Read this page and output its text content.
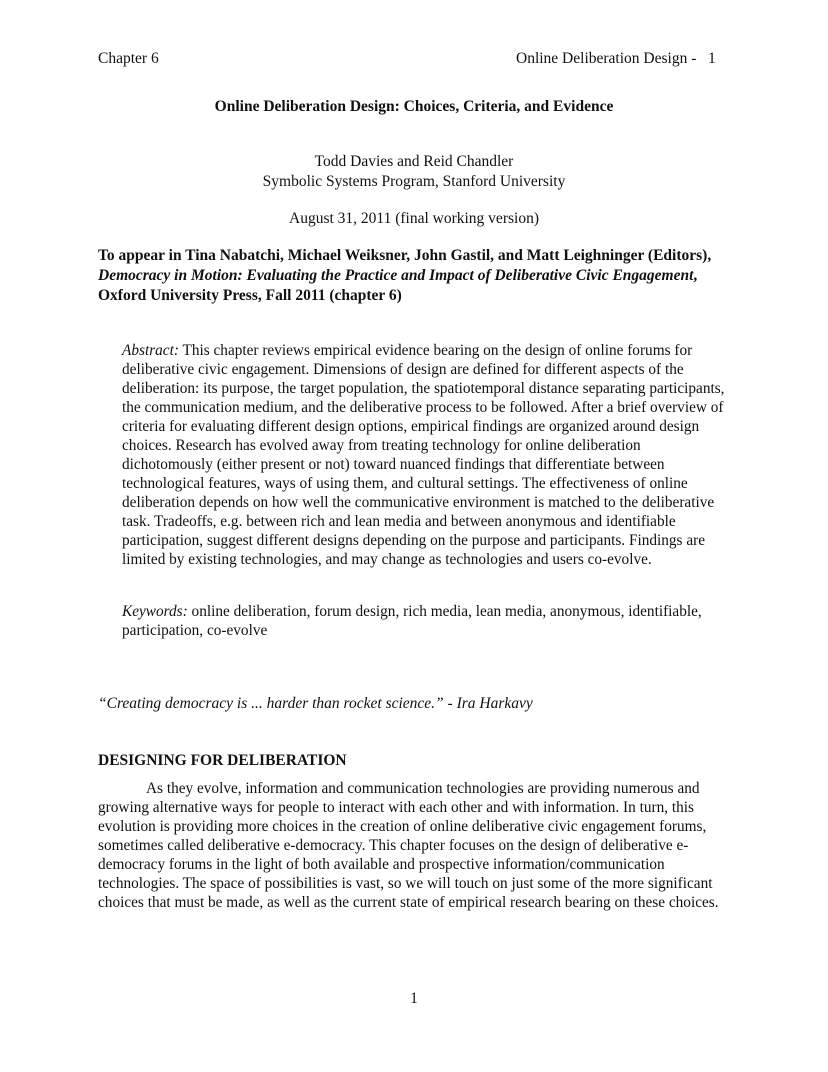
Chapter 6	Online Deliberation Design -   1
Online Deliberation Design: Choices, Criteria, and Evidence
Todd Davies and Reid Chandler
Symbolic Systems Program, Stanford University
August 31, 2011 (final working version)

To appear in Tina Nabatchi, Michael Weiksner, John Gastil, and Matt Leighninger (Editors), Democracy in Motion: Evaluating the Practice and Impact of Deliberative Civic Engagement, Oxford University Press, Fall 2011 (chapter 6)

Abstract: This chapter reviews empirical evidence bearing on the design of online forums for deliberative civic engagement. Dimensions of design are defined for different aspects of the deliberation: its purpose, the target population, the spatiotemporal distance separating participants, the communication medium, and the deliberative process to be followed. After a brief overview of criteria for evaluating different design options, empirical findings are organized around design choices. Research has evolved away from treating technology for online deliberation dichotomously (either present or not) toward nuanced findings that differentiate between technological features, ways of using them, and cultural settings. The effectiveness of online deliberation depends on how well the communicative environment is matched to the deliberative task. Tradeoffs, e.g. between rich and lean media and between anonymous and identifiable participation, suggest different designs depending on the purpose and participants. Findings are limited by existing technologies, and may change as technologies and users co-evolve.

Keywords: online deliberation, forum design, rich media, lean media, anonymous, identifiable, participation, co-evolve

“Creating democracy is ... harder than rocket science.” - Ira Harkavy
DESIGNING FOR DELIBERATION

As they evolve, information and communication technologies are providing numerous and growing alternative ways for people to interact with each other and with information. In turn, this evolution is providing more choices in the creation of online deliberative civic engagement forums, sometimes called deliberative e-democracy. This chapter focuses on the design of deliberative e-democracy forums in the light of both available and prospective information/communication technologies. The space of possibilities is vast, so we will touch on just some of the more significant choices that must be made, as well as the current state of empirical research bearing on these choices.

1
